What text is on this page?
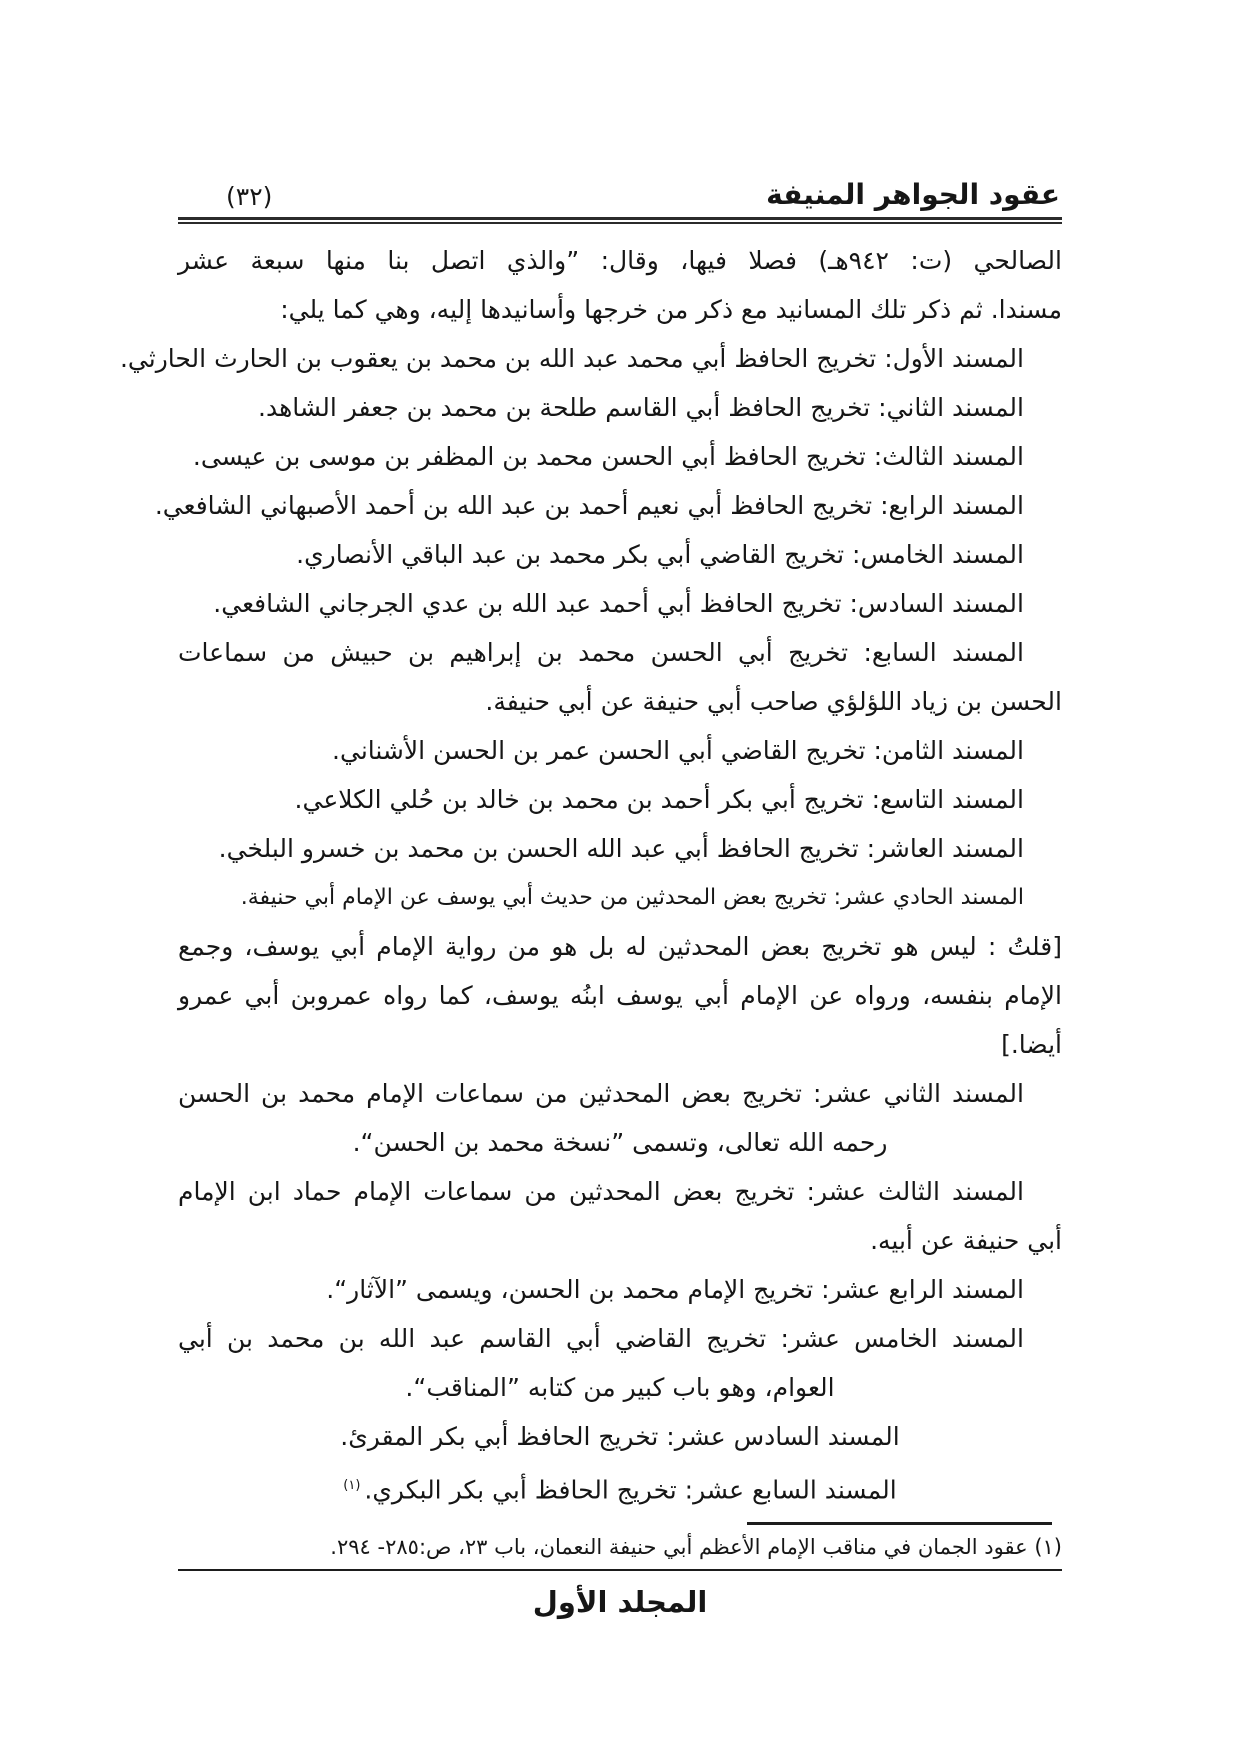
عقود الجواهر المنيفة
(٣٢)

الصالحي (ت: ٩٤٢هـ) فصلا فيها، وقال: ”والذي اتصل بنا منها سبعة عشر

مسندا. ثم ذكر تلك المسانيد مع ذكر من خرجها وأسانيدها إليه، وهي كما يلي:

المسند الأول: تخريج الحافظ أبي محمد عبد الله بن محمد بن يعقوب بن الحارث الحارثي.

المسند الثاني: تخريج الحافظ أبي القاسم طلحة بن محمد بن جعفر الشاهد.

المسند الثالث: تخريج الحافظ أبي الحسن محمد بن المظفر بن موسى بن عيسى.

المسند الرابع: تخريج الحافظ أبي نعيم أحمد بن عبد الله بن أحمد الأصبهاني الشافعي.

المسند الخامس: تخريج القاضي أبي بكر محمد بن عبد الباقي الأنصاري.

المسند السادس: تخريج الحافظ أبي أحمد عبد الله بن عدي الجرجاني الشافعي.

المسند السابع: تخريج أبي الحسن محمد بن إبراهيم بن حبيش من سماعات

الحسن بن زياد اللؤلؤي صاحب أبي حنيفة عن أبي حنيفة.

المسند الثامن: تخريج القاضي أبي الحسن عمر بن الحسن الأشناني.

المسند التاسع: تخريج أبي بكر أحمد بن محمد بن خالد بن حُلي الكلاعي.

المسند العاشر: تخريج الحافظ أبي عبد الله الحسن بن محمد بن خسرو البلخي.

المسند الحادي عشر: تخريج بعض المحدثين من حديث أبي يوسف عن الإمام أبي حنيفة.

[قلتُ : ليس هو تخريج بعض المحدثين له بل هو من رواية الإمام أبي يوسف، وجمع

الإمام بنفسه، ورواه عن الإمام أبي يوسف ابنُه يوسف، كما رواه عمروبن أبي عمرو أيضا.]

المسند الثاني عشر: تخريج بعض المحدثين من سماعات الإمام محمد بن الحسن

رحمه الله تعالى، وتسمى ”نسخة محمد بن الحسن“.

المسند الثالث عشر: تخريج بعض المحدثين من سماعات الإمام حماد ابن الإمام

أبي حنيفة عن أبيه.

المسند الرابع عشر: تخريج الإمام محمد بن الحسن، ويسمى ”الآثار“.

المسند الخامس عشر: تخريج القاضي أبي القاسم عبد الله بن محمد بن أبي

العوام، وهو باب كبير من كتابه ”المناقب“.

المسند السادس عشر: تخريج الحافظ أبي بكر المقرئ.

المسند السابع عشر: تخريج الحافظ أبي بكر البكري.$^{(١)}$

(١) عقود الجمان في مناقب الإمام الأعظم أبي حنيفة النعمان، باب ٢٣، ص:٢٨٥- ٢٩٤.

المجلد الأول
